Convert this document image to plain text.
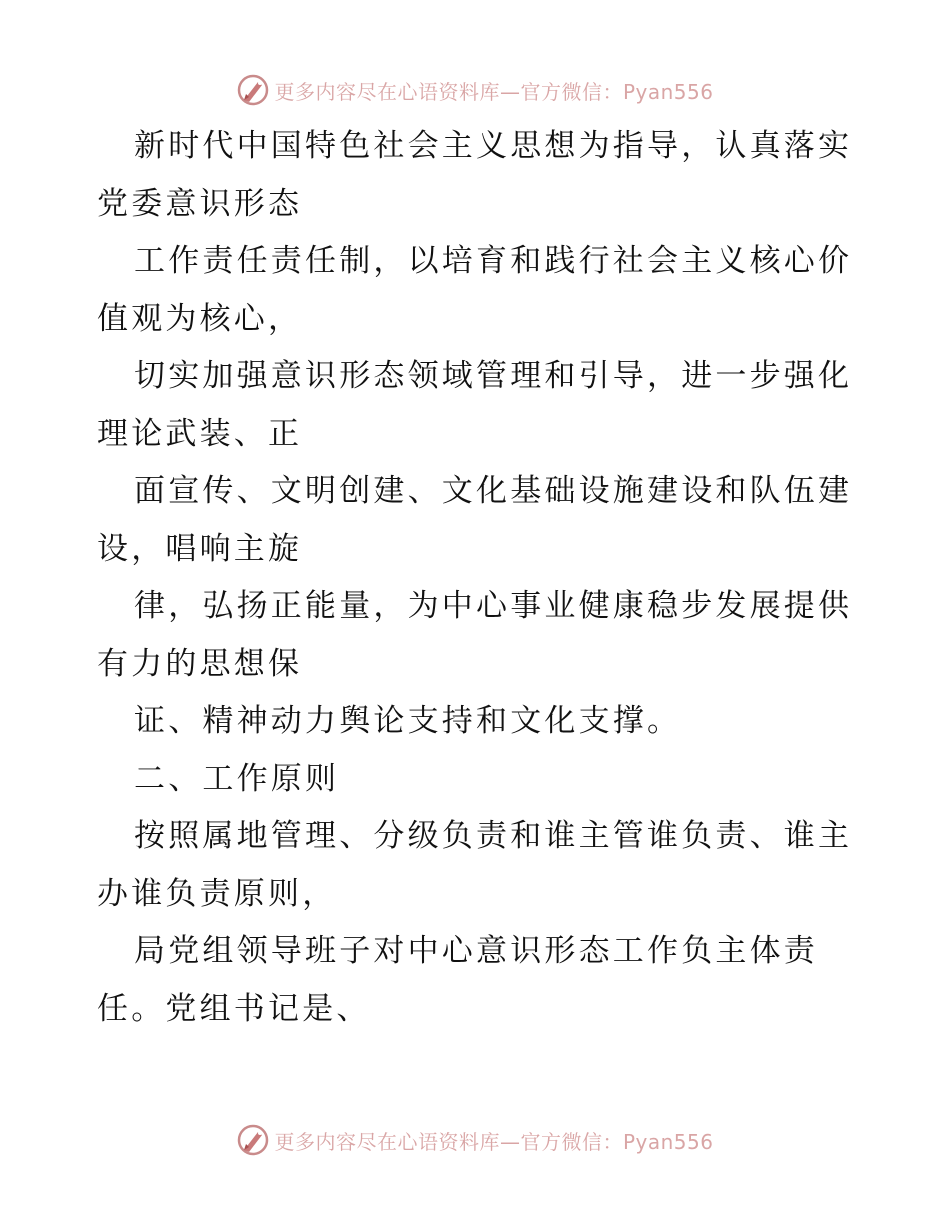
更多内容尽在心语资料库—官方微信：Pyan556
新时代中国特色社会主义思想为指导，认真落实
党委意识形态
工作责任责任制，以培育和践行社会主义核心价
值观为核心，
切实加强意识形态领域管理和引导，进一步强化
理论武装、正
面宣传、文明创建、文化基础设施建设和队伍建
设，唱响主旋
律，弘扬正能量，为中心事业健康稳步发展提供
有力的思想保
证、精神动力舆论支持和文化支撑。
二、工作原则
按照属地管理、分级负责和谁主管谁负责、谁主
办谁负责原则，
局党组领导班子对中心意识形态工作负主体责
任。党组书记是、
更多内容尽在心语资料库—官方微信：Pyan556
